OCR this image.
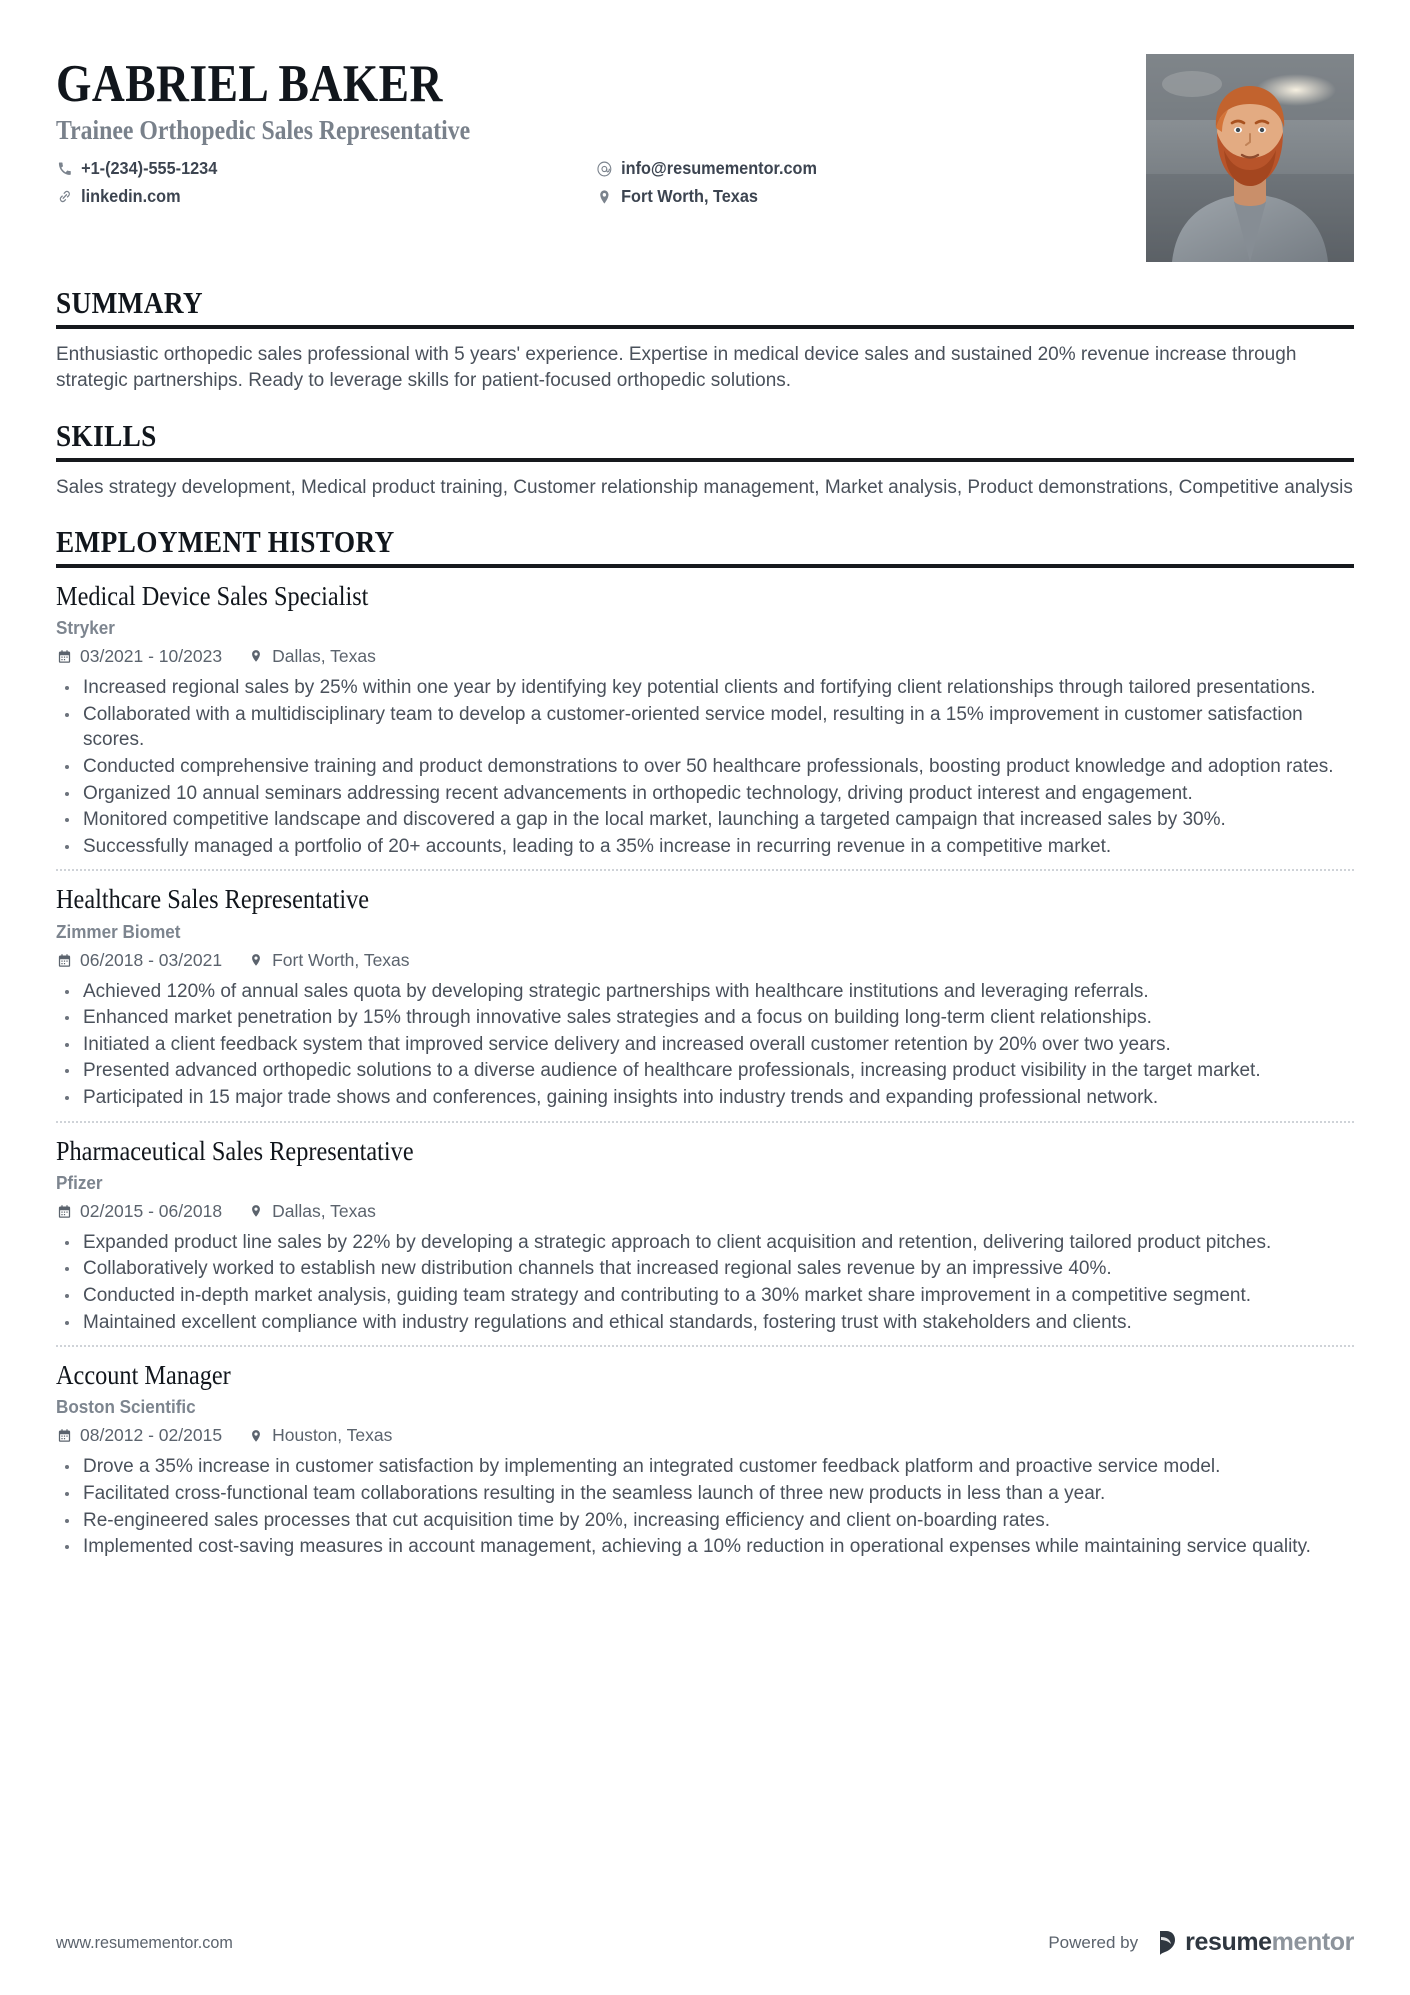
GABRIEL BAKER
Trainee Orthopedic Sales Representative
+1-(234)-555-1234	info@resumementor.com
linkedin.com	Fort Worth, Texas
SUMMARY
Enthusiastic orthopedic sales professional with 5 years' experience. Expertise in medical device sales and sustained 20% revenue increase through strategic partnerships. Ready to leverage skills for patient-focused orthopedic solutions.
SKILLS
Sales strategy development, Medical product training, Customer relationship management, Market analysis, Product demonstrations, Competitive analysis
EMPLOYMENT HISTORY
Medical Device Sales Specialist
Stryker
03/2021 - 10/2023	Dallas, Texas
Increased regional sales by 25% within one year by identifying key potential clients and fortifying client relationships through tailored presentations.
Collaborated with a multidisciplinary team to develop a customer-oriented service model, resulting in a 15% improvement in customer satisfaction scores.
Conducted comprehensive training and product demonstrations to over 50 healthcare professionals, boosting product knowledge and adoption rates.
Organized 10 annual seminars addressing recent advancements in orthopedic technology, driving product interest and engagement.
Monitored competitive landscape and discovered a gap in the local market, launching a targeted campaign that increased sales by 30%.
Successfully managed a portfolio of 20+ accounts, leading to a 35% increase in recurring revenue in a competitive market.
Healthcare Sales Representative
Zimmer Biomet
06/2018 - 03/2021	Fort Worth, Texas
Achieved 120% of annual sales quota by developing strategic partnerships with healthcare institutions and leveraging referrals.
Enhanced market penetration by 15% through innovative sales strategies and a focus on building long-term client relationships.
Initiated a client feedback system that improved service delivery and increased overall customer retention by 20% over two years.
Presented advanced orthopedic solutions to a diverse audience of healthcare professionals, increasing product visibility in the target market.
Participated in 15 major trade shows and conferences, gaining insights into industry trends and expanding professional network.
Pharmaceutical Sales Representative
Pfizer
02/2015 - 06/2018	Dallas, Texas
Expanded product line sales by 22% by developing a strategic approach to client acquisition and retention, delivering tailored product pitches.
Collaboratively worked to establish new distribution channels that increased regional sales revenue by an impressive 40%.
Conducted in-depth market analysis, guiding team strategy and contributing to a 30% market share improvement in a competitive segment.
Maintained excellent compliance with industry regulations and ethical standards, fostering trust with stakeholders and clients.
Account Manager
Boston Scientific
08/2012 - 02/2015	Houston, Texas
Drove a 35% increase in customer satisfaction by implementing an integrated customer feedback platform and proactive service model.
Facilitated cross-functional team collaborations resulting in the seamless launch of three new products in less than a year.
Re-engineered sales processes that cut acquisition time by 20%, increasing efficiency and client on-boarding rates.
Implemented cost-saving measures in account management, achieving a 10% reduction in operational expenses while maintaining service quality.
www.resumementor.com	Powered by resumementor
